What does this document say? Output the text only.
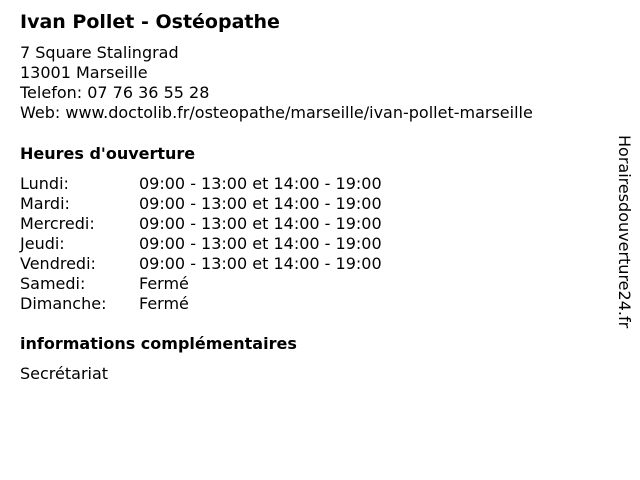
Ivan Pollet - Ostéopathe
7 Square Stalingrad
13001 Marseille
Telefon: 07 76 36 55 28
Web: www.doctolib.fr/osteopathe/marseille/ivan-pollet-marseille
Heures d'ouverture
Lundi:	09:00 - 13:00 et 14:00 - 19:00
Mardi:	09:00 - 13:00 et 14:00 - 19:00
Mercredi:	09:00 - 13:00 et 14:00 - 19:00
Jeudi:	09:00 - 13:00 et 14:00 - 19:00
Vendredi:	09:00 - 13:00 et 14:00 - 19:00
Samedi:	Fermé
Dimanche: Fermé
informations complémentaires
Secrétariat
Horairesdouverture24.fr
